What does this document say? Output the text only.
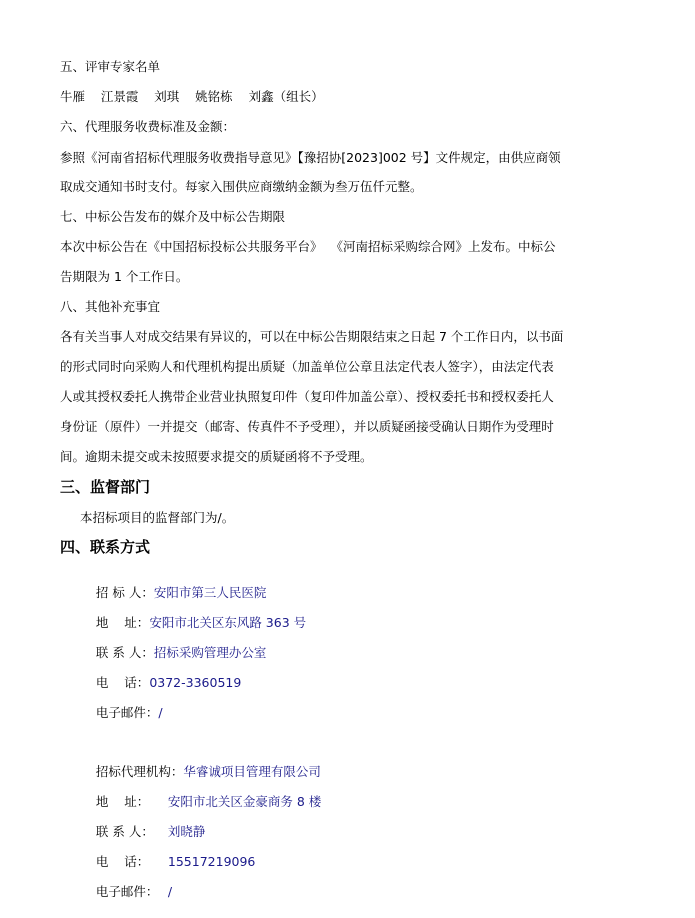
五、评审专家名单
牛雁    江景霞    刘琪    姚铭栋    刘鑫（组长）
六、代理服务收费标准及金额：
参照《河南省招标代理服务收费指导意见》【豫招协[2023]002 号】文件规定，由供应商领
取成交通知书时支付。每家入围供应商缴纳金额为叁万伍仟元整。
七、中标公告发布的媒介及中标公告期限
本次中标公告在《中国招标投标公共服务平台》  《河南招标采购综合网》上发布。中标公
告期限为 1 个工作日。
八、其他补充事宜
各有关当事人对成交结果有异议的，可以在中标公告期限结束之日起 7 个工作日内，以书面
的形式同时向采购人和代理机构提出质疑（加盖单位公章且法定代表人签字），由法定代表
人或其授权委托人携带企业营业执照复印件（复印件加盖公章）、授权委托书和授权委托人
身份证（原件）一并提交（邮寄、传真件不予受理），并以质疑函接受确认日期作为受理时
间。逾期未提交或未按照要求提交的质疑函将不予受理。
三、监督部门
本招标项目的监督部门为/。
四、联系方式

招 标 人：安阳市第三人民医院

地    址：安阳市北关区东风路 363 号

联 系 人：招标采购管理办公室

电    话：0372-3360519

电子邮件：/

招标代理机构：华睿诚项目管理有限公司

地    址： 安阳市北关区金豪商务 8 楼

联 系 人： 刘晓静

电    话： 15517219096

电子邮件： /
